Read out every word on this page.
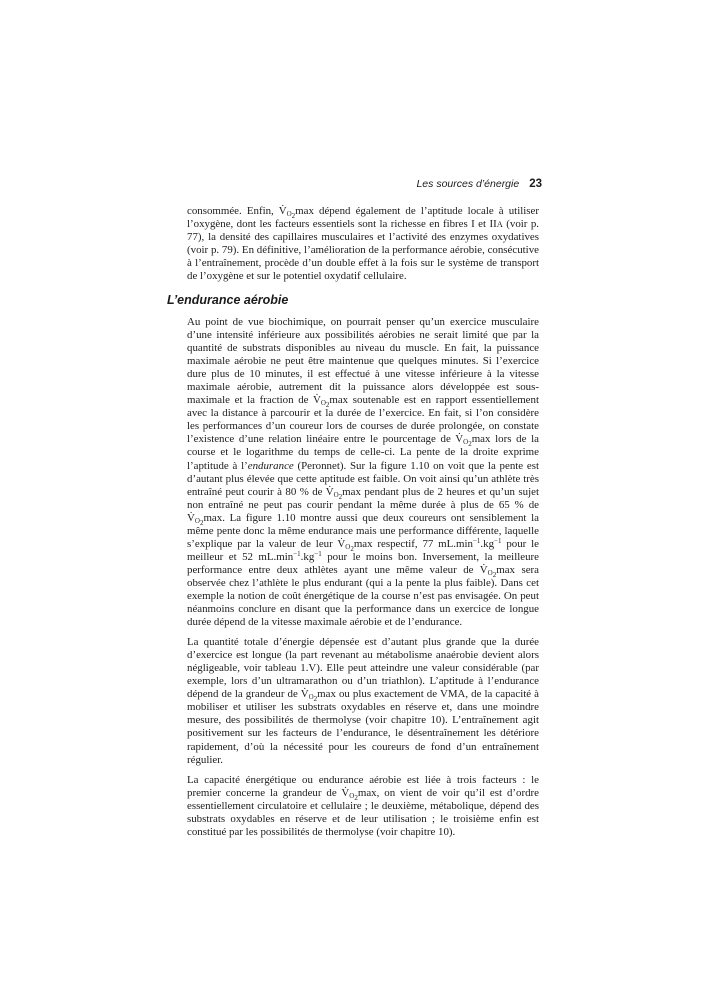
Les sources d’énergie 23
consommée. Enfin, $V̇_{O_2}\max$ dépend également de l’aptitude locale à utiliser l’oxygène, dont les facteurs essentiels sont la richesse en fibres I et IIA (voir p. 77), la densité des capillaires musculaires et l’activité des enzymes oxydatives (voir p. 79). En définitive, l’amélioration de la performance aérobie, consécutive à l’entraînement, procède d’un double effet à la fois sur le système de transport de l’oxygène et sur le potentiel oxydatif cellulaire.
L’endurance aérobie

Au point de vue biochimique, on pourrait penser qu’un exercice musculaire d’une intensité inférieure aux possibilités aérobies ne serait limité que par la quantité de substrats disponibles au niveau du muscle. En fait, la puissance maximale aérobie ne peut être maintenue que quelques minutes. Si l’exercice dure plus de 10 minutes, il est effectué à une vitesse inférieure à la vitesse maximale aérobie, autrement dit la puissance alors développée est sous-maximale et la fraction de $V̇_{O_2}\max$ soutenable est en rapport essentiellement avec la distance à parcourir et la durée de l’exercice. En fait, si l’on considère les performances d’un coureur lors de courses de durée prolongée, on constate l’existence d’une relation linéaire entre le pourcentage de $V̇_{O_2}\max$ lors de la course et le logarithme du temps de celle-ci. La pente de la droite exprime l’aptitude à l’endurance (Peronnet). Sur la figure 1.10 on voit que la pente est d’autant plus élevée que cette aptitude est faible. On voit ainsi qu’un athlète très entraîné peut courir à 80 % de $V̇_{O_2}\max$ pendant plus de 2 heures et qu’un sujet non entraîné ne peut pas courir pendant la même durée à plus de 65 % de $V̇_{O_2}\max$. La figure 1.10 montre aussi que deux coureurs ont sensiblement la même pente donc la même endurance mais une performance différente, laquelle s’explique par la valeur de leur $V̇_{O_2}\max$ respectif, 77 $mL.\min^{-1}.kg^{-1}$ pour le meilleur et 52 $mL.\min^{-1}.kg^{-1}$ pour le moins bon. Inversement, la meilleure performance entre deux athlètes ayant une même valeur de $V̇_{O_2}\max$ sera observée chez l’athlète le plus endurant (qui a la pente la plus faible). Dans cet exemple la notion de coût énergétique de la course n’est pas envisagée. On peut néanmoins conclure en disant que la performance dans un exercice de longue durée dépend de la vitesse maximale aérobie et de l’endurance.

La quantité totale d’énergie dépensée est d’autant plus grande que la durée d’exercice est longue (la part revenant au métabolisme anaérobie devient alors négligeable, voir tableau 1.V). Elle peut atteindre une valeur considérable (par exemple, lors d’un ultramarathon ou d’un triathlon). L’aptitude à l’endurance dépend de la grandeur de $V̇_{O_2}\max$ ou plus exactement de VMA, de la capacité à mobiliser et utiliser les substrats oxydables en réserve et, dans une moindre mesure, des possibilités de thermolyse (voir chapitre 10). L’entraînement agit positivement sur les facteurs de l’endurance, le désentraînement les détériore rapidement, d’où la nécessité pour les coureurs de fond d’un entraînement régulier.

La capacité énergétique ou endurance aérobie est liée à trois facteurs : le premier concerne la grandeur de $V̇_{O_2}\max$, on vient de voir qu’il est d’ordre essentiellement circulatoire et cellulaire ; le deuxième, métabolique, dépend des substrats oxydables en réserve et de leur utilisation ; le troisième enfin est constitué par les possibilités de thermolyse (voir chapitre 10).
